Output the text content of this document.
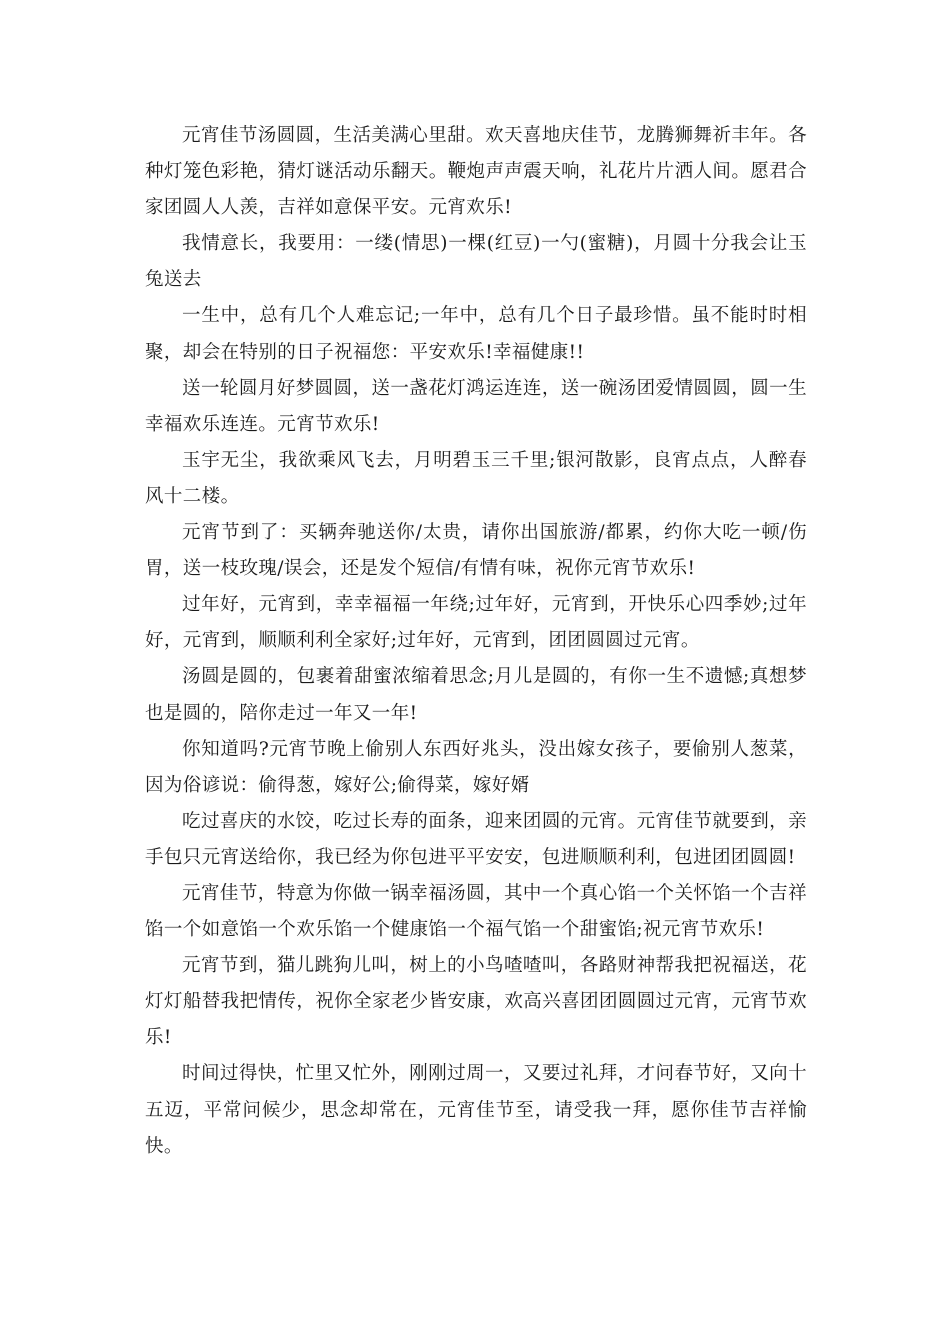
元宵佳节汤圆圆，生活美满心里甜。欢天喜地庆佳节，龙腾狮舞祈丰年。各种灯笼色彩艳，猜灯谜活动乐翻天。鞭炮声声震天响，礼花片片洒人间。愿君合家团圆人人羡，吉祥如意保平安。元宵欢乐!

我情意长，我要用：一缕(情思)一棵(红豆)一勺(蜜糖)，月圆十分我会让玉兔送去

一生中，总有几个人难忘记;一年中，总有几个日子最珍惜。虽不能时时相聚，却会在特别的日子祝福您：平安欢乐!幸福健康!!

送一轮圆月好梦圆圆，送一盏花灯鸿运连连，送一碗汤团爱情圆圆，圆一生幸福欢乐连连。元宵节欢乐!

玉宇无尘，我欲乘风飞去，月明碧玉三千里;银河散影，良宵点点，人醉春风十二楼。

元宵节到了：买辆奔驰送你/太贵，请你出国旅游/都累，约你大吃一顿/伤胃，送一枝玫瑰/误会，还是发个短信/有情有味，祝你元宵节欢乐!

过年好，元宵到，幸幸福福一年绕;过年好，元宵到，开快乐心四季妙;过年好，元宵到，顺顺利利全家好;过年好，元宵到，团团圆圆过元宵。

汤圆是圆的，包裹着甜蜜浓缩着思念;月儿是圆的，有你一生不遗憾;真想梦也是圆的，陪你走过一年又一年!

你知道吗?元宵节晚上偷别人东西好兆头，没出嫁女孩子，要偷别人葱菜，因为俗谚说：偷得葱，嫁好公;偷得菜，嫁好婿

吃过喜庆的水饺，吃过长寿的面条，迎来团圆的元宵。元宵佳节就要到，亲手包只元宵送给你，我已经为你包进平平安安，包进顺顺利利，包进团团圆圆!

元宵佳节，特意为你做一锅幸福汤圆，其中一个真心馅一个关怀馅一个吉祥馅一个如意馅一个欢乐馅一个健康馅一个福气馅一个甜蜜馅;祝元宵节欢乐!

元宵节到，猫儿跳狗儿叫，树上的小鸟喳喳叫，各路财神帮我把祝福送，花灯灯船替我把情传，祝你全家老少皆安康，欢高兴喜团团圆圆过元宵，元宵节欢乐!

时间过得快，忙里又忙外，刚刚过周一，又要过礼拜，才问春节好，又向十五迈，平常问候少，思念却常在，元宵佳节至，请受我一拜，愿你佳节吉祥愉快。
